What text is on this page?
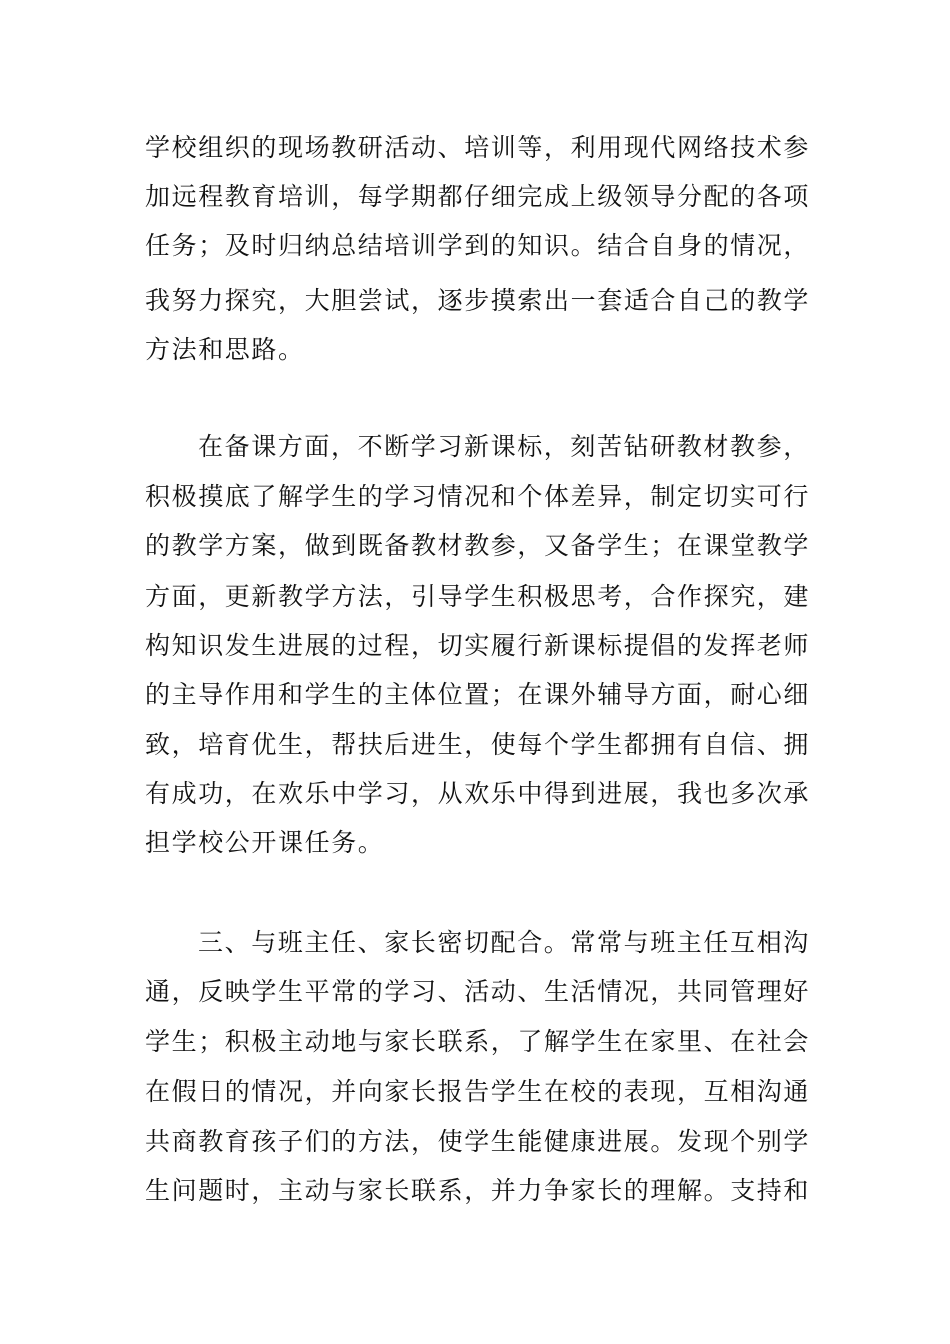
学校组织的现场教研活动、培训等，利用现代网络技术参
加远程教育培训，每学期都仔细完成上级领导分配的各项
任务；及时归纳总结培训学到的知识。结合自身的情况，
我努力探究，大胆尝试，逐步摸索出一套适合自己的教学
方法和思路。
在备课方面，不断学习新课标，刻苦钻研教材教参，
积极摸底了解学生的学习情况和个体差异，制定切实可行
的教学方案，做到既备教材教参，又备学生；在课堂教学
方面，更新教学方法，引导学生积极思考，合作探究，建
构知识发生进展的过程，切实履行新课标提倡的发挥老师
的主导作用和学生的主体位置；在课外辅导方面，耐心细
致，培育优生，帮扶后进生，使每个学生都拥有自信、拥
有成功，在欢乐中学习，从欢乐中得到进展，我也多次承
担学校公开课任务。
三、与班主任、家长密切配合。常常与班主任互相沟
通，反映学生平常的学习、活动、生活情况，共同管理好
学生；积极主动地与家长联系，了解学生在家里、在社会
在假日的情况，并向家长报告学生在校的表现，互相沟通
共商教育孩子们的方法，使学生能健康进展。发现个别学
生问题时，主动与家长联系，并力争家长的理解。支持和
